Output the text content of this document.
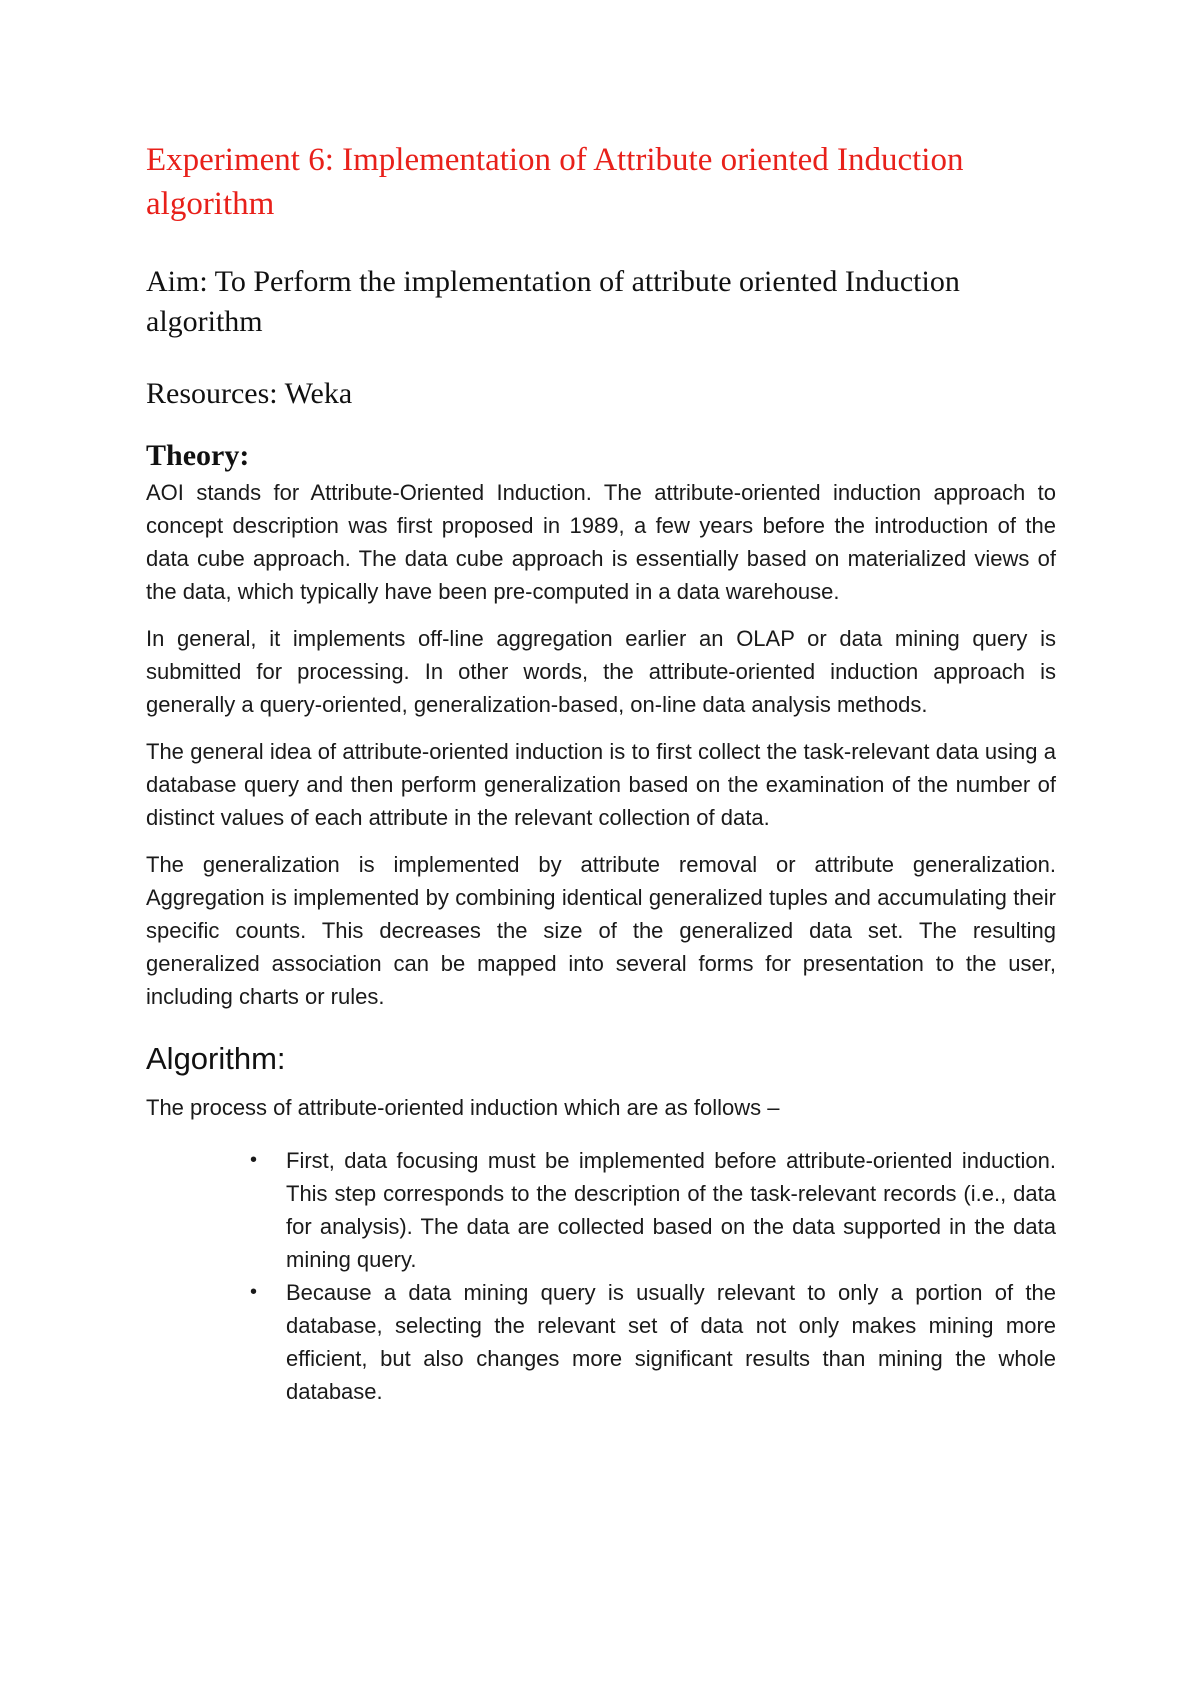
Experiment 6: Implementation of Attribute oriented Induction algorithm

Aim: To Perform the implementation of attribute oriented Induction algorithm

Resources: Weka

Theory:

AOI stands for Attribute-Oriented Induction. The attribute-oriented induction approach to concept description was first proposed in 1989, a few years before the introduction of the data cube approach. The data cube approach is essentially based on materialized views of the data, which typically have been pre-computed in a data warehouse.

In general, it implements off-line aggregation earlier an OLAP or data mining query is submitted for processing. In other words, the attribute-oriented induction approach is generally a query-oriented, generalization-based, on-line data analysis methods.

The general idea of attribute-oriented induction is to first collect the task-relevant data using a database query and then perform generalization based on the examination of the number of distinct values of each attribute in the relevant collection of data.

The generalization is implemented by attribute removal or attribute generalization. Aggregation is implemented by combining identical generalized tuples and accumulating their specific counts. This decreases the size of the generalized data set. The resulting generalized association can be mapped into several forms for presentation to the user, including charts or rules.

Algorithm:

The process of attribute-oriented induction which are as follows –

• First, data focusing must be implemented before attribute-oriented induction. This step corresponds to the description of the task-relevant records (i.e., data for analysis). The data are collected based on the data supported in the data mining query.
• Because a data mining query is usually relevant to only a portion of the database, selecting the relevant set of data not only makes mining more efficient, but also changes more significant results than mining the whole database.
